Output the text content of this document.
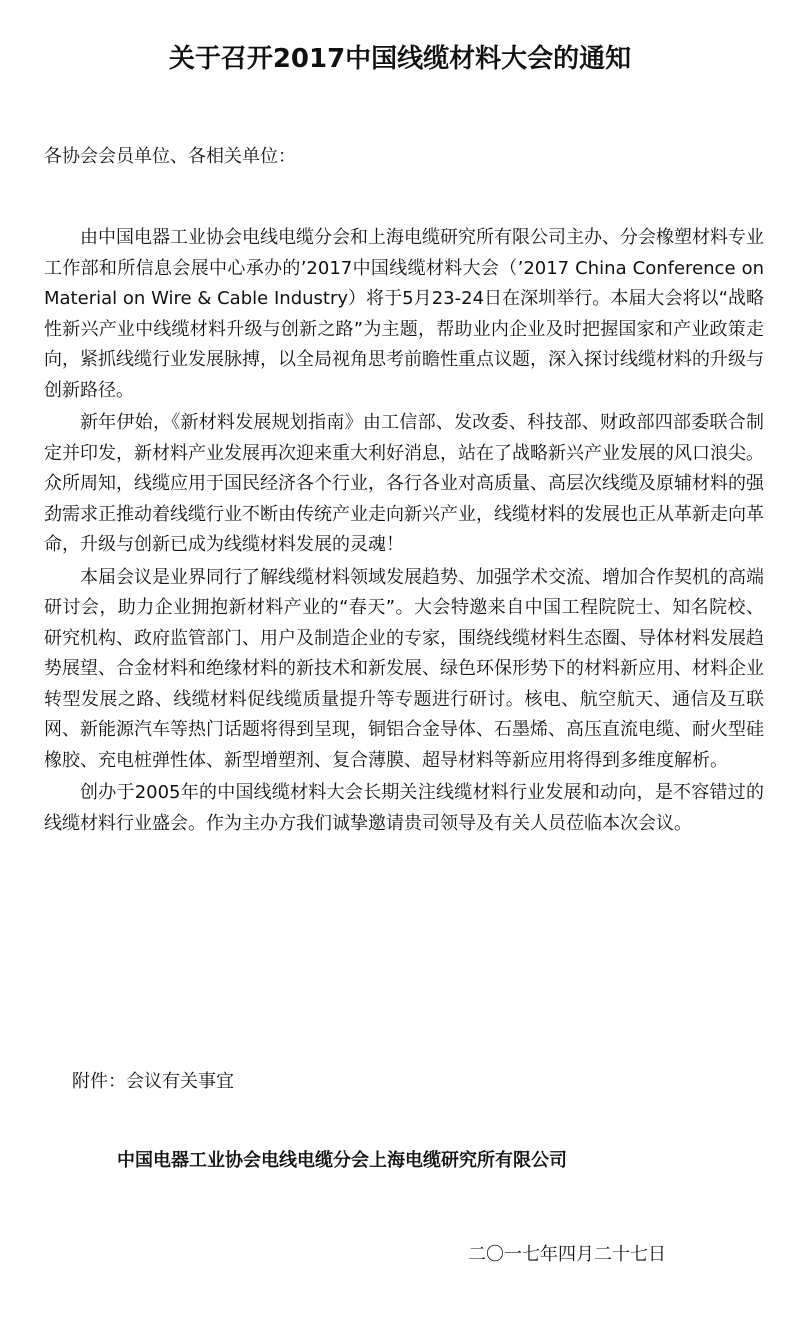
关于召开2017中国线缆材料大会的通知

各协会会员单位、各相关单位：

由中国电器工业协会电线电缆分会和上海电缆研究所有限公司主办、分会橡塑材料专业工作部和所信息会展中心承办的’2017中国线缆材料大会（’2017 China Conference on Material on Wire & Cable Industry）将于5月23-24日在深圳举行。本届大会将以“战略性新兴产业中线缆材料升级与创新之路”为主题，帮助业内企业及时把握国家和产业政策走向，紧抓线缆行业发展脉搏，以全局视角思考前瞻性重点议题，深入探讨线缆材料的升级与创新路径。

新年伊始，《新材料发展规划指南》由工信部、发改委、科技部、财政部四部委联合制定并印发，新材料产业发展再次迎来重大利好消息，站在了战略新兴产业发展的风口浪尖。众所周知，线缆应用于国民经济各个行业，各行各业对高质量、高层次线缆及原辅材料的强劲需求正推动着线缆行业不断由传统产业走向新兴产业，线缆材料的发展也正从革新走向革命，升级与创新已成为线缆材料发展的灵魂！

本届会议是业界同行了解线缆材料领域发展趋势、加强学术交流、增加合作契机的高端研讨会，助力企业拥抱新材料产业的“春天”。大会特邀来自中国工程院院士、知名院校、研究机构、政府监管部门、用户及制造企业的专家，围绕线缆材料生态圈、导体材料发展趋势展望、合金材料和绝缘材料的新技术和新发展、绿色环保形势下的材料新应用、材料企业转型发展之路、线缆材料促线缆质量提升等专题进行研讨。核电、航空航天、通信及互联网、新能源汽车等热门话题将得到呈现，铜铝合金导体、石墨烯、高压直流电缆、耐火型硅橡胶、充电桩弹性体、新型增塑剂、复合薄膜、超导材料等新应用将得到多维度解析。

创办于2005年的中国线缆材料大会长期关注线缆材料行业发展和动向，是不容错过的线缆材料行业盛会。作为主办方我们诚挚邀请贵司领导及有关人员莅临本次会议。

附件：会议有关事宜

中国电器工业协会电线电缆分会上海电缆研究所有限公司

二〇一七年四月二十七日
